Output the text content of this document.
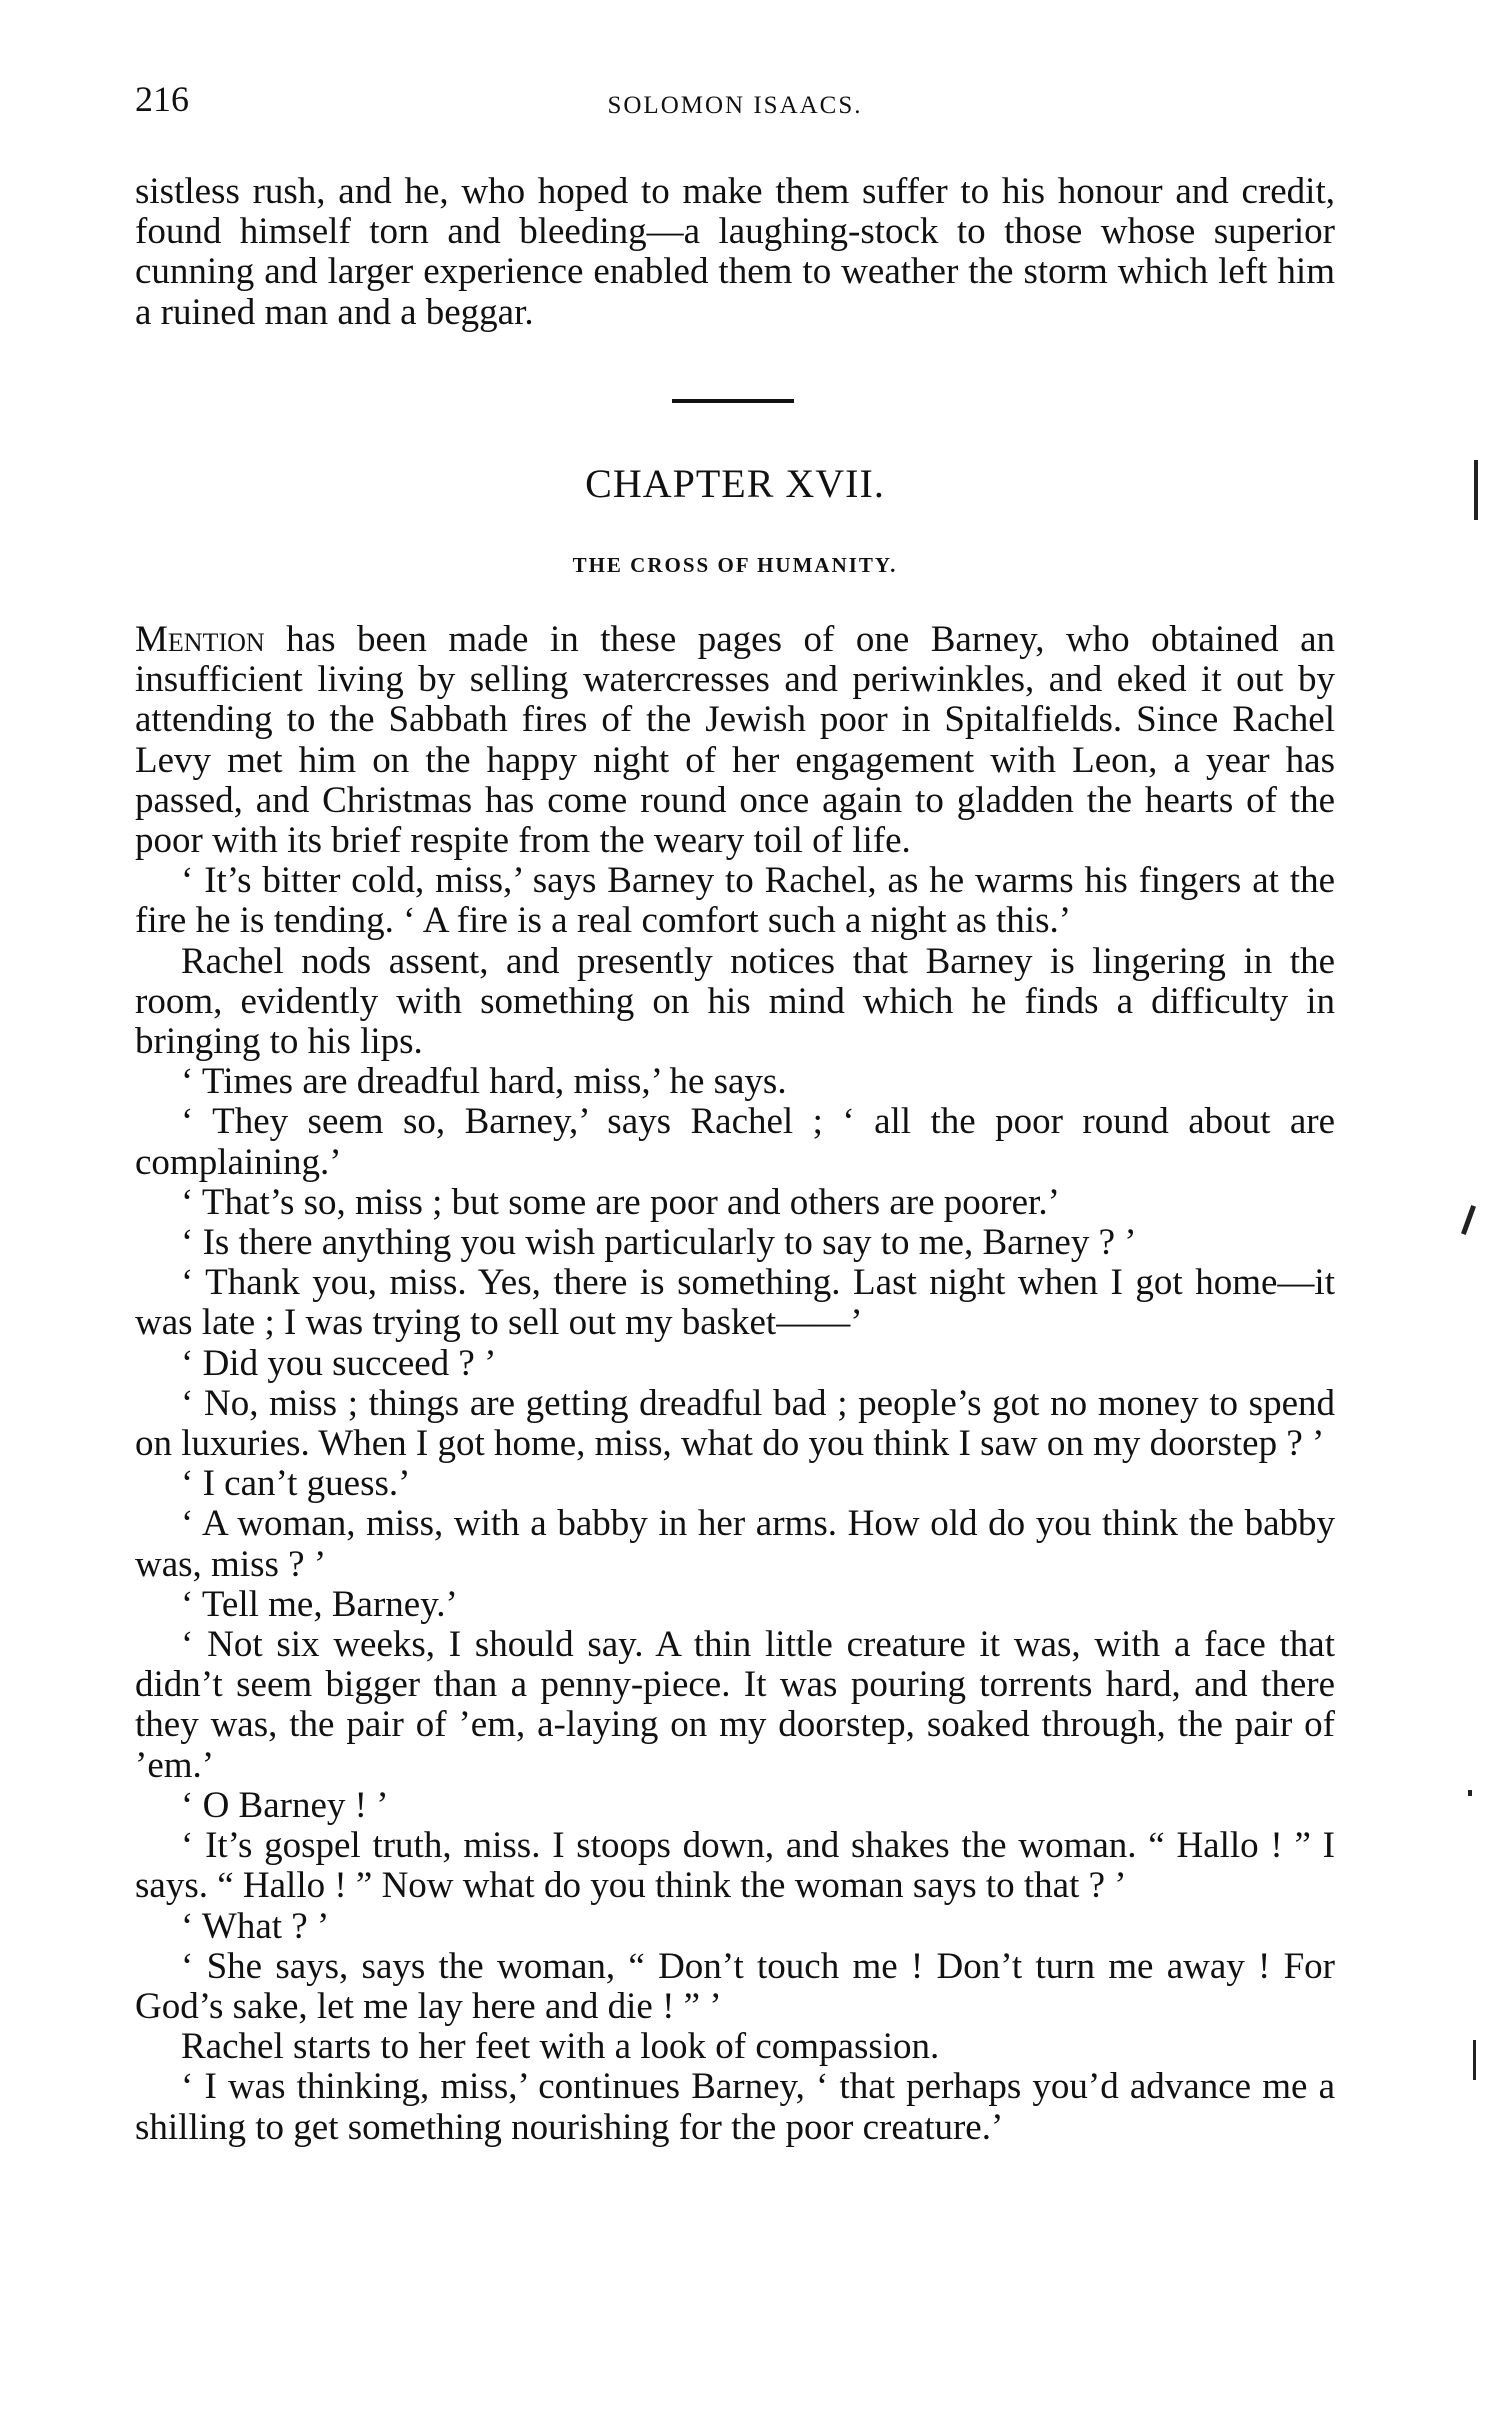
216	SOLOMON ISAACS.

sistless rush, and he, who hoped to make them suffer to his honour and credit, found himself torn and bleeding—a laughing-stock to those whose superior cunning and larger experience enabled them to weather the storm which left him a ruined man and a beggar.

CHAPTER XVII.
THE CROSS OF HUMANITY.

Mention has been made in these pages of one Barney, who obtained an insufficient living by selling watercresses and periwinkles, and eked it out by attending to the Sabbath fires of the Jewish poor in Spitalfields. Since Rachel Levy met him on the happy night of her engagement with Leon, a year has passed, and Christmas has come round once again to gladden the hearts of the poor with its brief respite from the weary toil of life.

‘ It’s bitter cold, miss,’ says Barney to Rachel, as he warms his fingers at the fire he is tending. ‘ A fire is a real comfort such a night as this.’

Rachel nods assent, and presently notices that Barney is lingering in the room, evidently with something on his mind which he finds a difficulty in bringing to his lips.

‘ Times are dreadful hard, miss,’ he says.

‘ They seem so, Barney,’ says Rachel ; ‘ all the poor round about are complaining.’

‘ That’s so, miss ; but some are poor and others are poorer.’

‘ Is there anything you wish particularly to say to me, Barney ? ’

‘ Thank you, miss. Yes, there is something. Last night when I got home—it was late ; I was trying to sell out my basket——’

‘ Did you succeed ? ’

‘ No, miss ; things are getting dreadful bad ; people’s got no money to spend on luxuries. When I got home, miss, what do you think I saw on my doorstep ? ’

‘ I can’t guess.’

‘ A woman, miss, with a babby in her arms. How old do you think the babby was, miss ? ’

‘ Tell me, Barney.’

‘ Not six weeks, I should say. A thin little creature it was, with a face that didn’t seem bigger than a penny-piece. It was pouring torrents hard, and there they was, the pair of ’em, a-laying on my doorstep, soaked through, the pair of ’em.’

‘ O Barney ! ’

‘ It’s gospel truth, miss. I stoops down, and shakes the woman. “ Hallo ! ” I says. “ Hallo ! ” Now what do you think the woman says to that ? ’

‘ What ? ’

‘ She says, says the woman, “ Don’t touch me ! Don’t turn me away ! For God’s sake, let me lay here and die ! ” ’

Rachel starts to her feet with a look of compassion.

‘ I was thinking, miss,’ continues Barney, ‘ that perhaps you’d advance me a shilling to get something nourishing for the poor creature.’
